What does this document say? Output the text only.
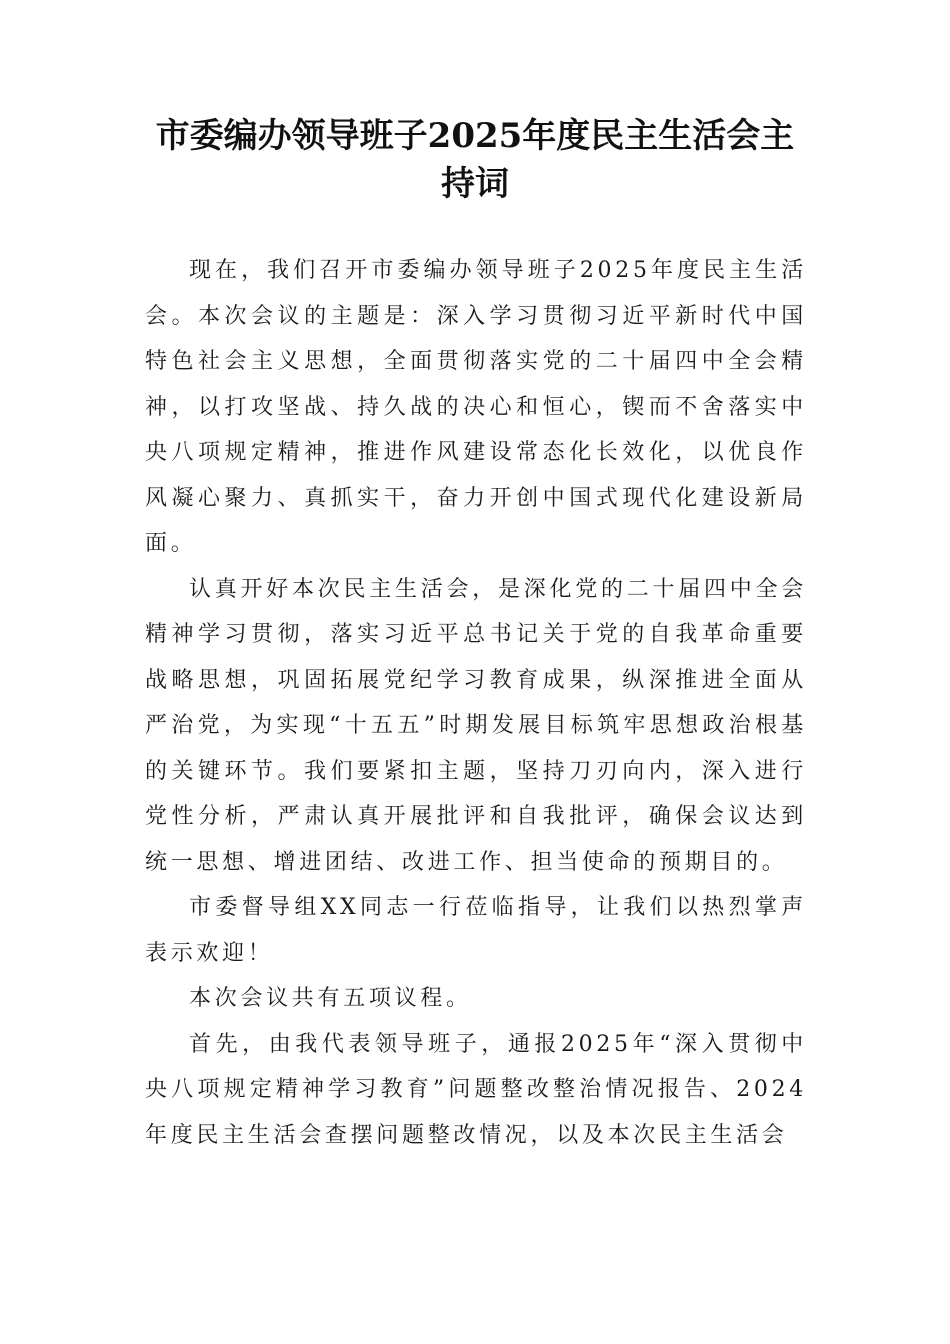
市委编办领导班子2025年度民主生活会主持词

现在，我们召开市委编办领导班子2025年度民主生活会。本次会议的主题是：深入学习贯彻习近平新时代中国特色社会主义思想，全面贯彻落实党的二十届四中全会精神，以打攻坚战、持久战的决心和恒心，锲而不舍落实中央八项规定精神，推进作风建设常态化长效化，以优良作风凝心聚力、真抓实干，奋力开创中国式现代化建设新局面。

认真开好本次民主生活会，是深化党的二十届四中全会精神学习贯彻，落实习近平总书记关于党的自我革命重要战略思想，巩固拓展党纪学习教育成果，纵深推进全面从严治党，为实现“十五五”时期发展目标筑牢思想政治根基的关键环节。我们要紧扣主题，坚持刀刃向内，深入进行党性分析，严肃认真开展批评和自我批评，确保会议达到统一思想、增进团结、改进工作、担当使命的预期目的。

市委督导组XX同志一行莅临指导，让我们以热烈掌声表示欢迎！

本次会议共有五项议程。

首先，由我代表领导班子，通报2025年“深入贯彻中央八项规定精神学习教育”问题整改整治情况报告、2024年度民主生活会查摆问题整改情况，以及本次民主生活会
